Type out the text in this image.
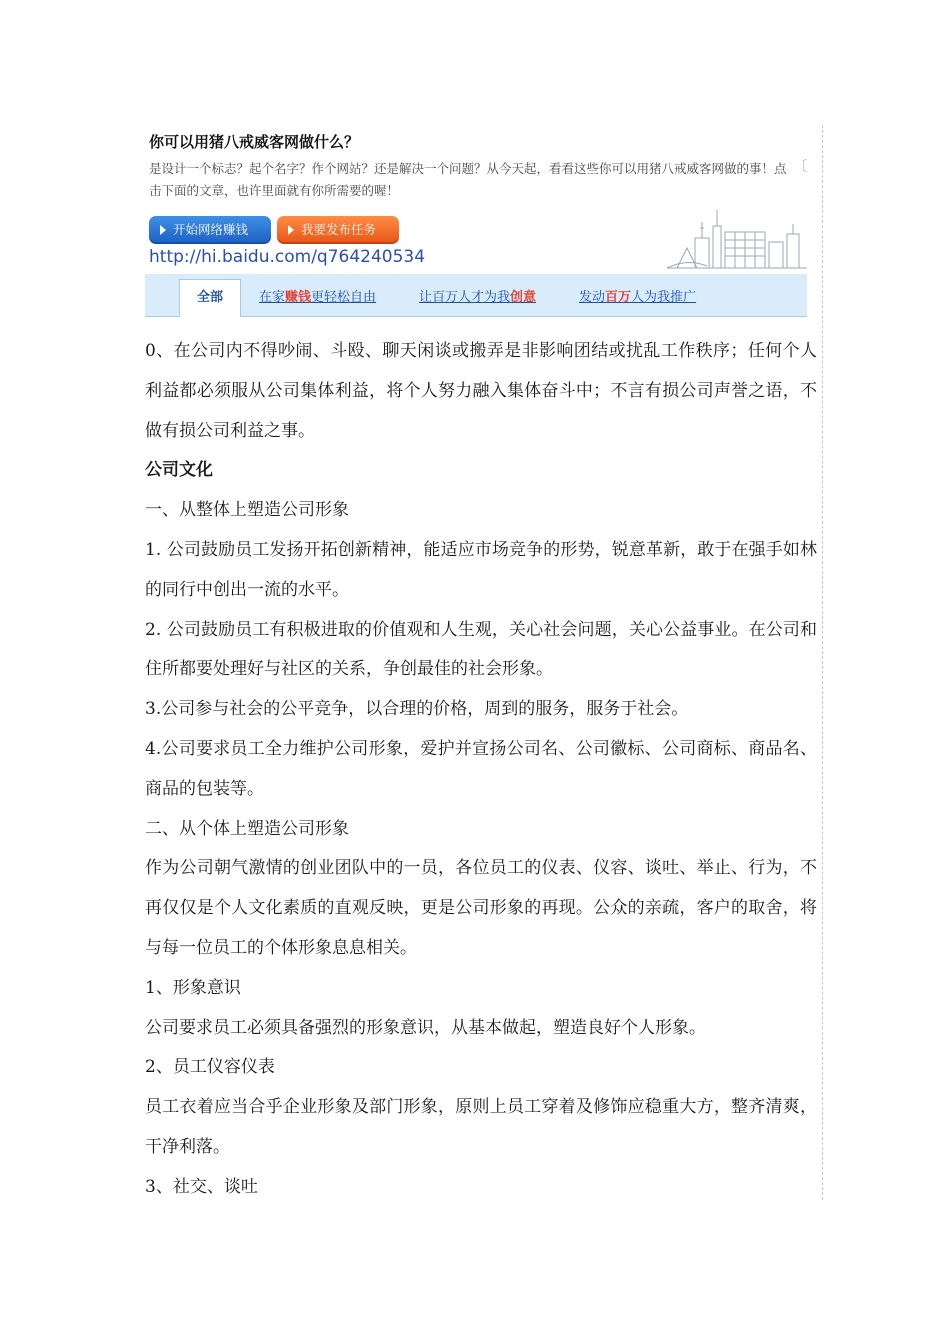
你可以用猪八戒威客网做什么？
是设计一个标志？起个名字？作个网站？还是解决一个问题？从今天起，看看这些你可以用猪八戒威客网做的事！点击下面的文章，也许里面就有你所需要的喔！
〔
开始网络赚钱	我要发布任务
http://hi.baidu.com/q764240534
全部	在家赚钱更轻松自由	让百万人才为我创意	发动百万人为我推广

0、在公司内不得吵闹、斗殴、聊天闲谈或搬弄是非影响团结或扰乱工作秩序；任何个人利益都必须服从公司集体利益，将个人努力融入集体奋斗中；不言有损公司声誉之语，不做有损公司利益之事。

公司文化

一、从整体上塑造公司形象

1. 公司鼓励员工发扬开拓创新精神，能适应市场竞争的形势，锐意革新，敢于在强手如林的同行中创出一流的水平。

2. 公司鼓励员工有积极进取的价值观和人生观，关心社会问题，关心公益事业。在公司和住所都要处理好与社区的关系，争创最佳的社会形象。

3.公司参与社会的公平竞争，以合理的价格，周到的服务，服务于社会。

4.公司要求员工全力维护公司形象，爱护并宣扬公司名、公司徽标、公司商标、商品名、商品的包装等。

二、从个体上塑造公司形象

作为公司朝气激情的创业团队中的一员，各位员工的仪表、仪容、谈吐、举止、行为，不再仅仅是个人文化素质的直观反映，更是公司形象的再现。公众的亲疏，客户的取舍，将与每一位员工的个体形象息息相关。

1、形象意识

公司要求员工必须具备强烈的形象意识，从基本做起，塑造良好个人形象。

2、员工仪容仪表

员工衣着应当合乎企业形象及部门形象，原则上员工穿着及修饰应稳重大方，整齐清爽，干净利落。

3、社交、谈吐
